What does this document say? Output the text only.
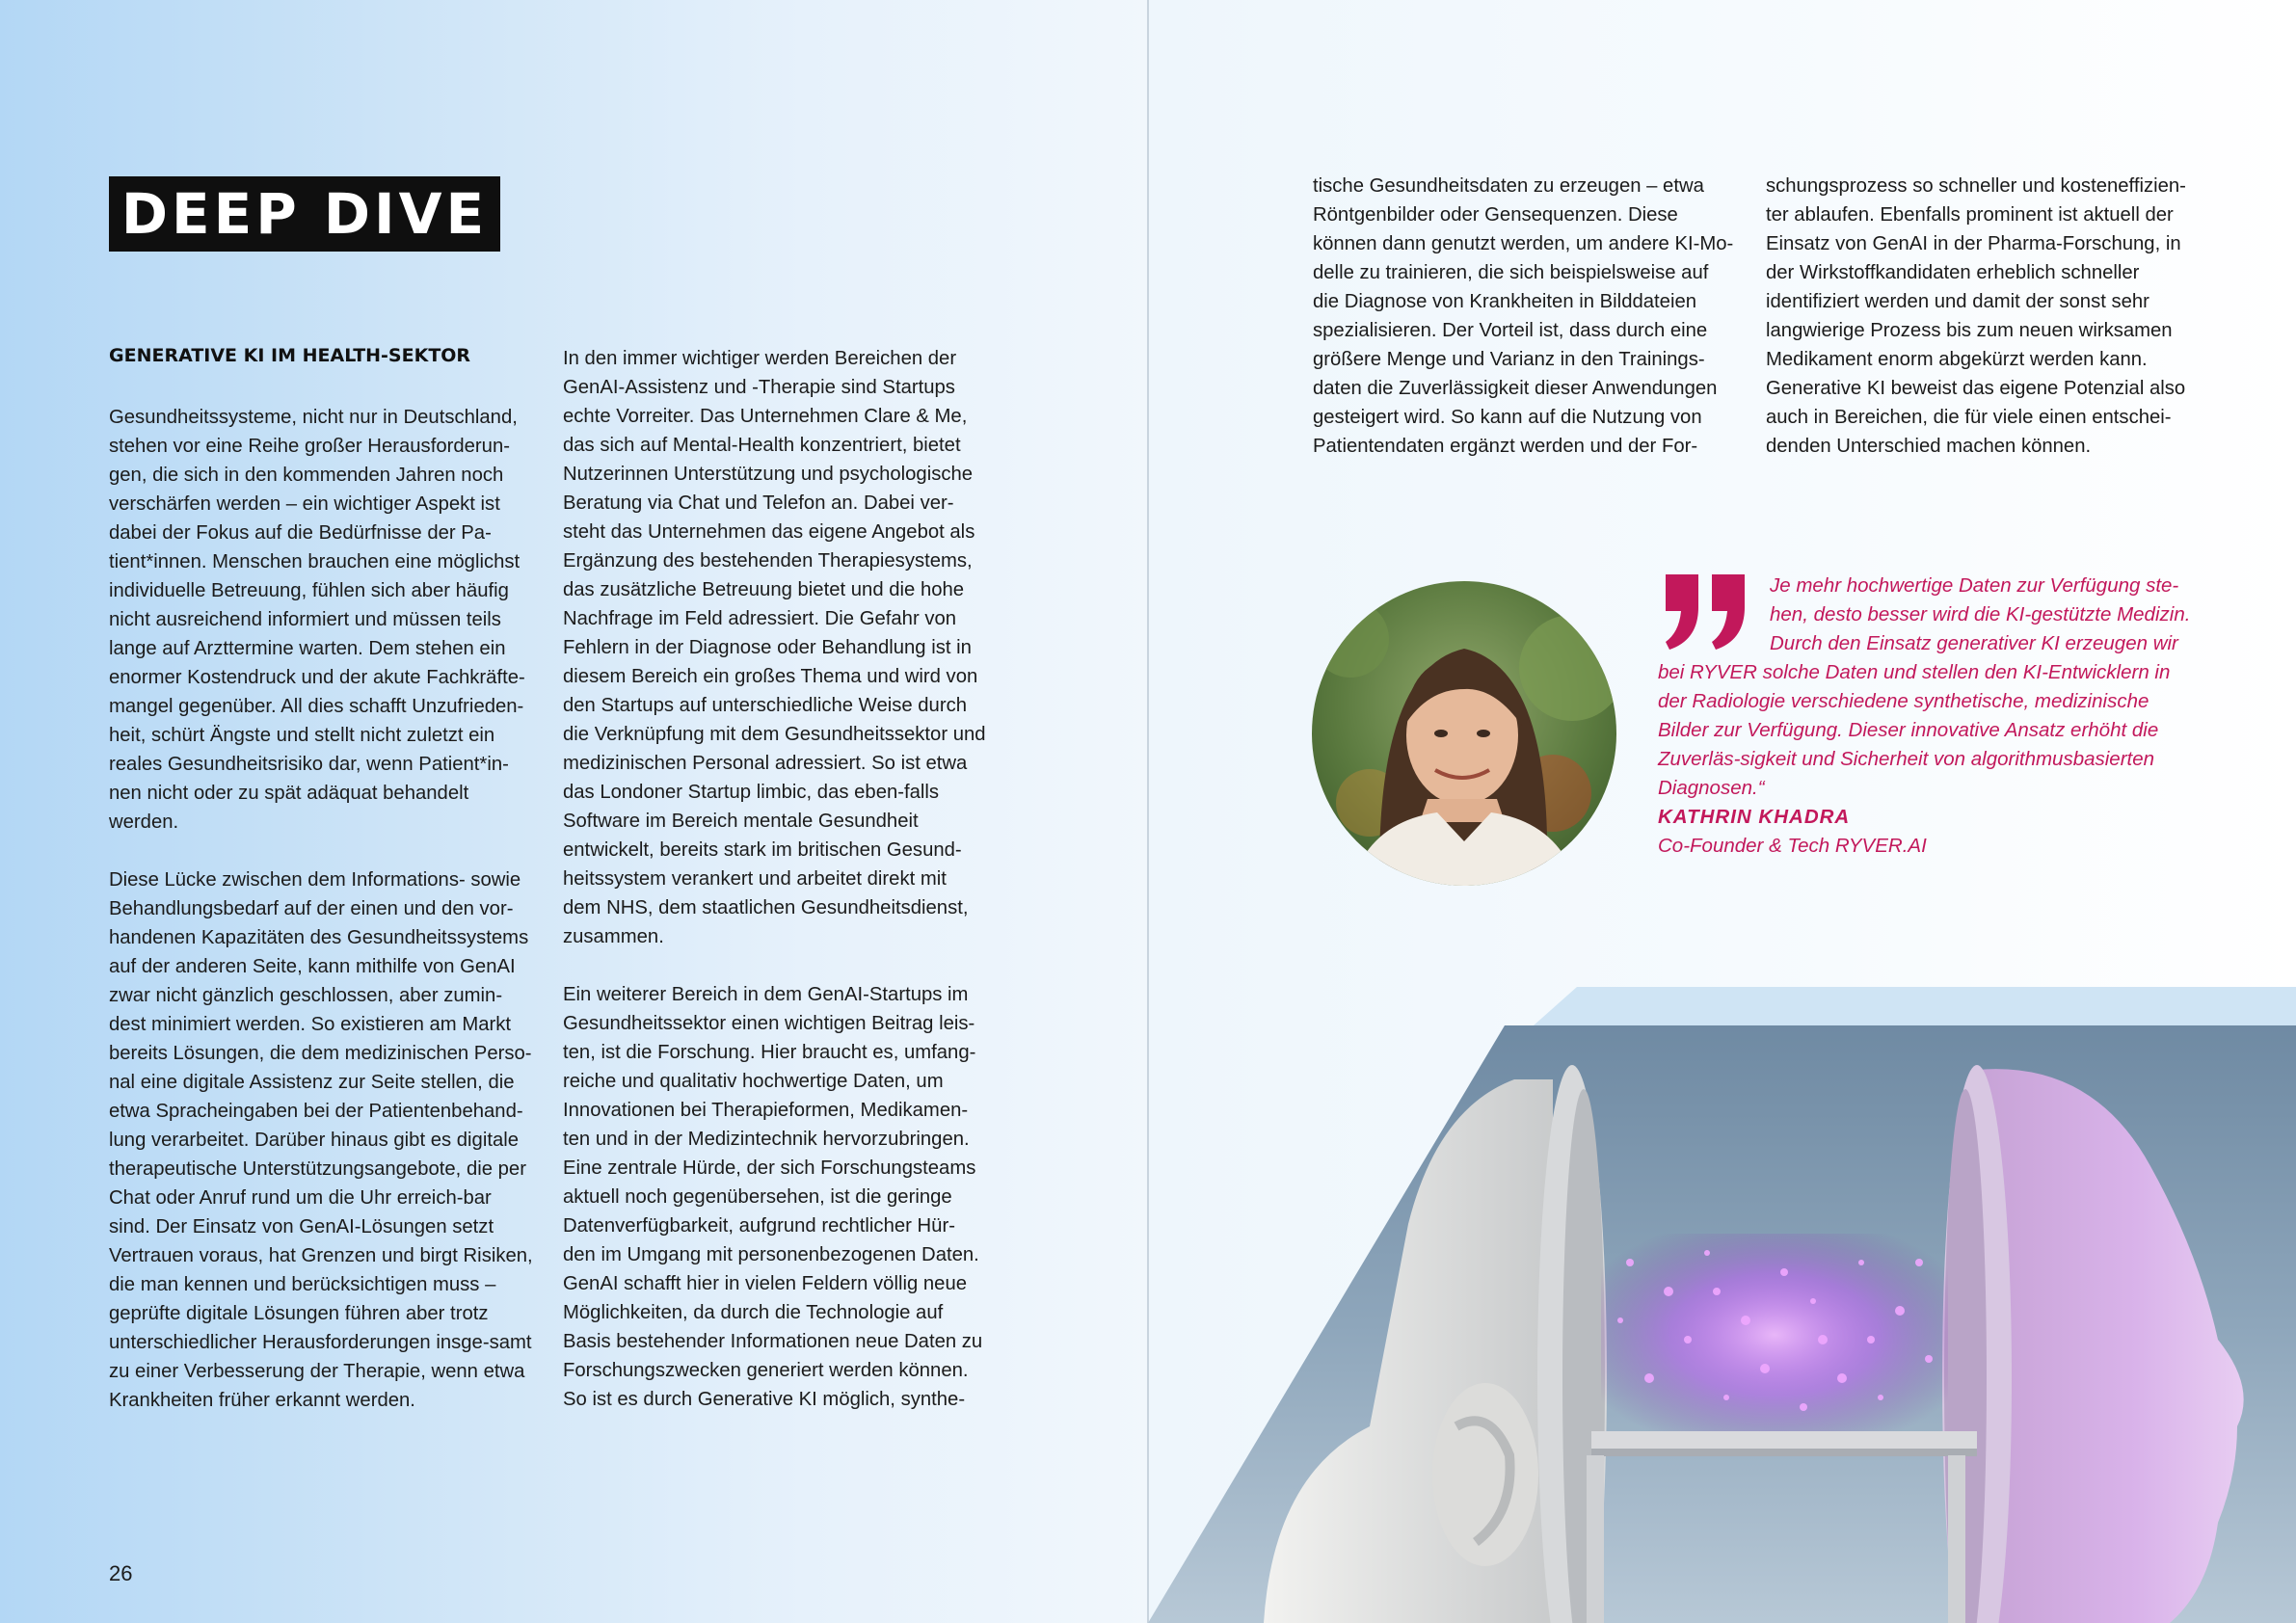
DEEP DIVE
GENERATIVE KI IM HEALTH-SEKTOR

Gesundheitssysteme, nicht nur in Deutschland, stehen vor eine Reihe großer Herausforderun-gen, die sich in den kommenden Jahren noch verschärfen werden – ein wichtiger Aspekt ist dabei der Fokus auf die Bedürfnisse der Pa-tient*innen. Menschen brauchen eine möglichst individuelle Betreuung, fühlen sich aber häufig nicht ausreichend informiert und müssen teils lange auf Arzttermine warten. Dem stehen ein enormer Kostendruck und der akute Fachkräfte-mangel gegenüber. All dies schafft Unzufrieden-heit, schürt Ängste und stellt nicht zuletzt ein reales Gesundheitsrisiko dar, wenn Patient*in-nen nicht oder zu spät adäquat behandelt werden.

Diese Lücke zwischen dem Informations- sowie Behandlungsbedarf auf der einen und den vor-handenen Kapazitäten des Gesundheitssystems auf der anderen Seite, kann mithilfe von GenAI zwar nicht gänzlich geschlossen, aber zumin-dest minimiert werden. So existieren am Markt bereits Lösungen, die dem medizinischen Perso-nal eine digitale Assistenz zur Seite stellen, die etwa Spracheingaben bei der Patientenbehand-lung verarbeitet. Darüber hinaus gibt es digitale therapeutische Unterstützungsangebote, die per Chat oder Anruf rund um die Uhr erreich-bar sind. Der Einsatz von GenAI-Lösungen setzt Vertrauen voraus, hat Grenzen und birgt Risiken, die man kennen und berücksichtigen muss – geprüfte digitale Lösungen führen aber trotz unterschiedlicher Herausforderungen insge-samt zu einer Verbesserung der Therapie, wenn etwa Krankheiten früher erkannt werden.

In den immer wichtiger werden Bereichen der GenAI-Assistenz und -Therapie sind Startups echte Vorreiter. Das Unternehmen Clare & Me, das sich auf Mental-Health konzentriert, bietet Nutzerinnen Unterstützung und psychologische Beratung via Chat und Telefon an. Dabei ver-steht das Unternehmen das eigene Angebot als Ergänzung des bestehenden Therapiesystems, das zusätzliche Betreuung bietet und die hohe Nachfrage im Feld adressiert. Die Gefahr von Fehlern in der Diagnose oder Behandlung ist in diesem Bereich ein großes Thema und wird von den Startups auf unterschiedliche Weise durch die Verknüpfung mit dem Gesundheitssektor und medizinischen Personal adressiert. So ist etwa das Londoner Startup limbic, das eben-falls Software im Bereich mentale Gesundheit entwickelt, bereits stark im britischen Gesund-heitssystem verankert und arbeitet direkt mit dem NHS, dem staatlichen Gesundheitsdienst, zusammen.

Ein weiterer Bereich in dem GenAI-Startups im Gesundheitssektor einen wichtigen Beitrag leis-ten, ist die Forschung. Hier braucht es, umfang-reiche und qualitativ hochwertige Daten, um Innovationen bei Therapieformen, Medikamen-ten und in der Medizintechnik hervorzubringen. Eine zentrale Hürde, der sich Forschungsteams aktuell noch gegenübersehen, ist die geringe Datenverfügbarkeit, aufgrund rechtlicher Hür-den im Umgang mit personenbezogenen Daten. GenAI schafft hier in vielen Feldern völlig neue Möglichkeiten, da durch die Technologie auf Basis bestehender Informationen neue Daten zu Forschungszwecken generiert werden können. So ist es durch Generative KI möglich, synthe-

tische Gesundheitsdaten zu erzeugen – etwa Röntgenbilder oder Gensequenzen. Diese können dann genutzt werden, um andere KI-Mo-delle zu trainieren, die sich beispielsweise auf die Diagnose von Krankheiten in Bilddateien spezialisieren. Der Vorteil ist, dass durch eine größere Menge und Varianz in den Trainings-daten die Zuverlässigkeit dieser Anwendungen gesteigert wird. So kann auf die Nutzung von Patientendaten ergänzt werden und der For-

schungsprozess so schneller und kosteneffizien-ter ablaufen. Ebenfalls prominent ist aktuell der Einsatz von GenAI in der Pharma-Forschung, in der Wirkstoffkandidaten erheblich schneller identifiziert werden und damit der sonst sehr langwierige Prozess bis zum neuen wirksamen Medikament enorm abgekürzt werden kann. Generative KI beweist das eigene Potenzial also auch in Bereichen, die für viele einen entschei-denden Unterschied machen können.

26
Je mehr hochwertige Daten zur Verfügung ste-
hen, desto besser wird die KI-gestützte Medizin.
Durch den Einsatz generativer KI erzeugen wir
bei RYVER solche Daten und stellen den KI-Entwicklern in der Radiologie verschiedene synthetische, medizinische Bilder zur Verfügung. Dieser innovative Ansatz erhöht die Zuverläs-sigkeit und Sicherheit von algorithmusbasierten Diagnosen.“
KATHRIN KHADRA
Co-Founder & Tech RYVER.AI
